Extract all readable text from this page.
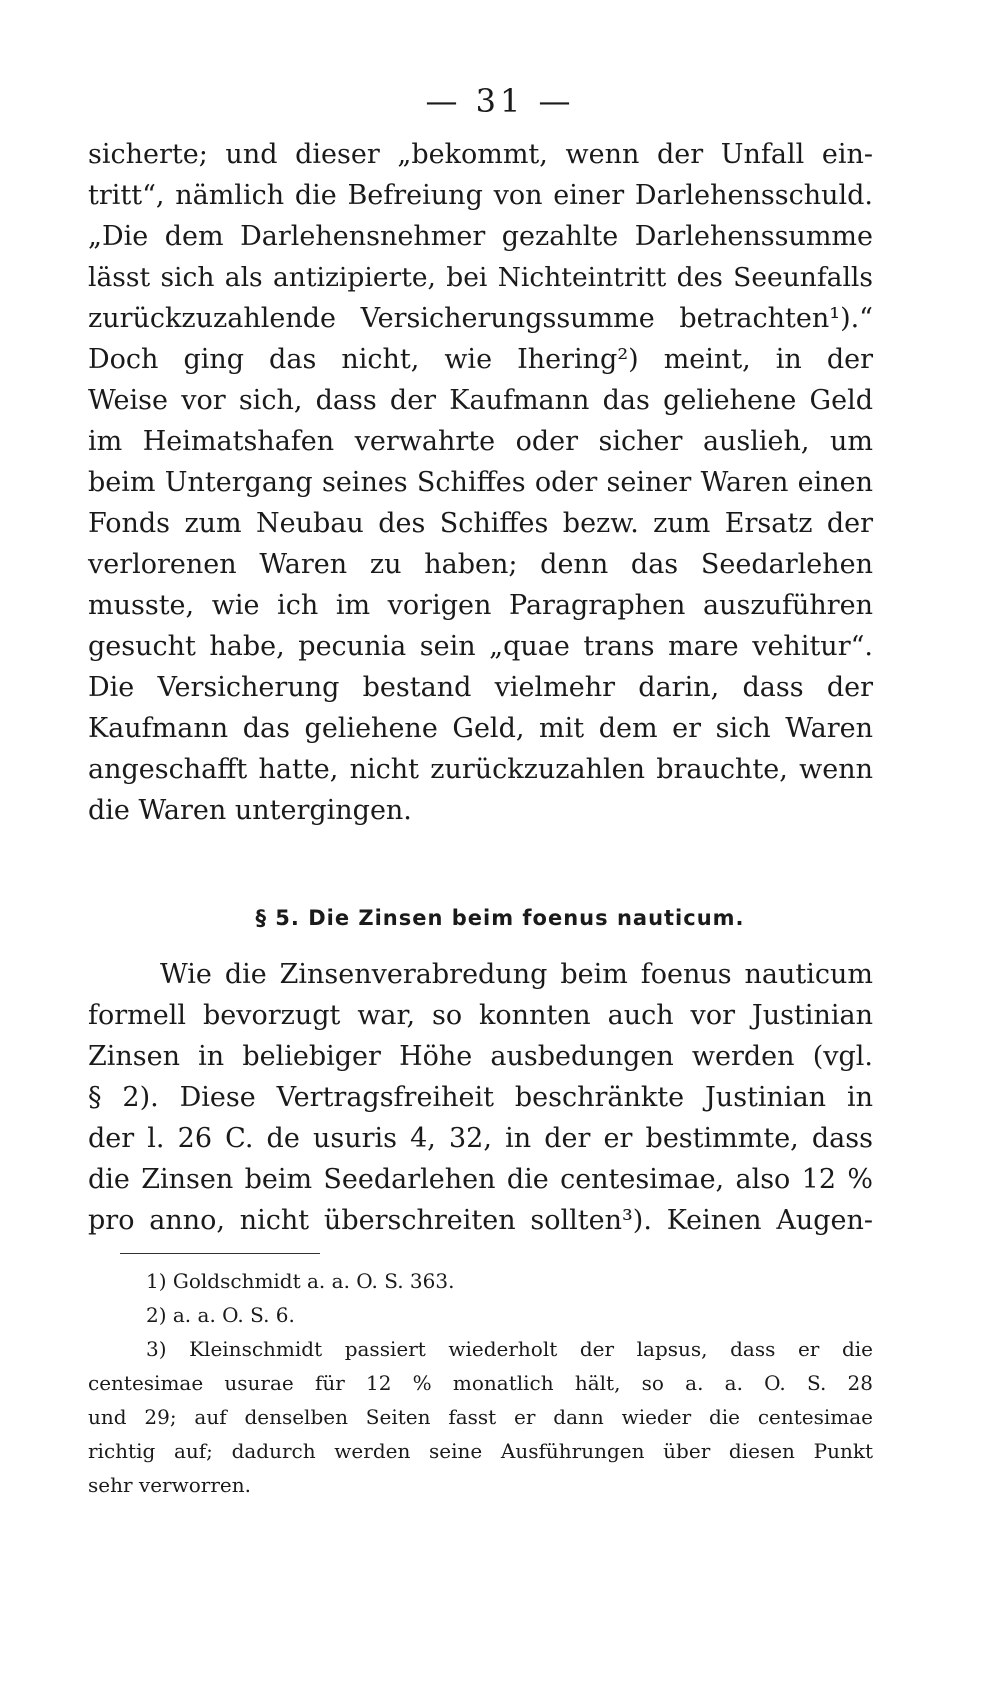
— 31 —
sicherte; und dieser „bekommt, wenn der Unfall ein-
tritt“, nämlich die Befreiung von einer Darlehensschuld.
„Die dem Darlehensnehmer gezahlte Darlehenssumme
lässt sich als antizipierte, bei Nichteintritt des Seeunfalls
zurückzuzahlende Versicherungssumme betrachten¹).“
Doch ging das nicht, wie Ihering²) meint, in der
Weise vor sich, dass der Kaufmann das geliehene Geld
im Heimatshafen verwahrte oder sicher auslieh, um
beim Untergang seines Schiffes oder seiner Waren einen
Fonds zum Neubau des Schiffes bezw. zum Ersatz der
verlorenen Waren zu haben; denn das Seedarlehen
musste, wie ich im vorigen Paragraphen auszuführen
gesucht habe, pecunia sein „quae trans mare vehitur“.
Die Versicherung bestand vielmehr darin, dass der
Kaufmann das geliehene Geld, mit dem er sich Waren
angeschafft hatte, nicht zurückzuzahlen brauchte, wenn
die Waren untergingen.
§ 5. Die Zinsen beim foenus nauticum.
Wie die Zinsenverabredung beim foenus nauticum
formell bevorzugt war, so konnten auch vor Justinian
Zinsen in beliebiger Höhe ausbedungen werden (vgl.
§ 2). Diese Vertragsfreiheit beschränkte Justinian in
der l. 26 C. de usuris 4, 32, in der er bestimmte, dass
die Zinsen beim Seedarlehen die centesimae, also 12 %
pro anno, nicht überschreiten sollten³). Keinen Augen-
1) Goldschmidt a. a. O. S. 363.
2) a. a. O. S. 6.
3) Kleinschmidt passiert wiederholt der lapsus, dass er die
centesimae usurae für 12 % monatlich hält, so a. a. O. S. 28
und 29; auf denselben Seiten fasst er dann wieder die centesimae
richtig auf; dadurch werden seine Ausführungen über diesen Punkt
sehr verworren.
